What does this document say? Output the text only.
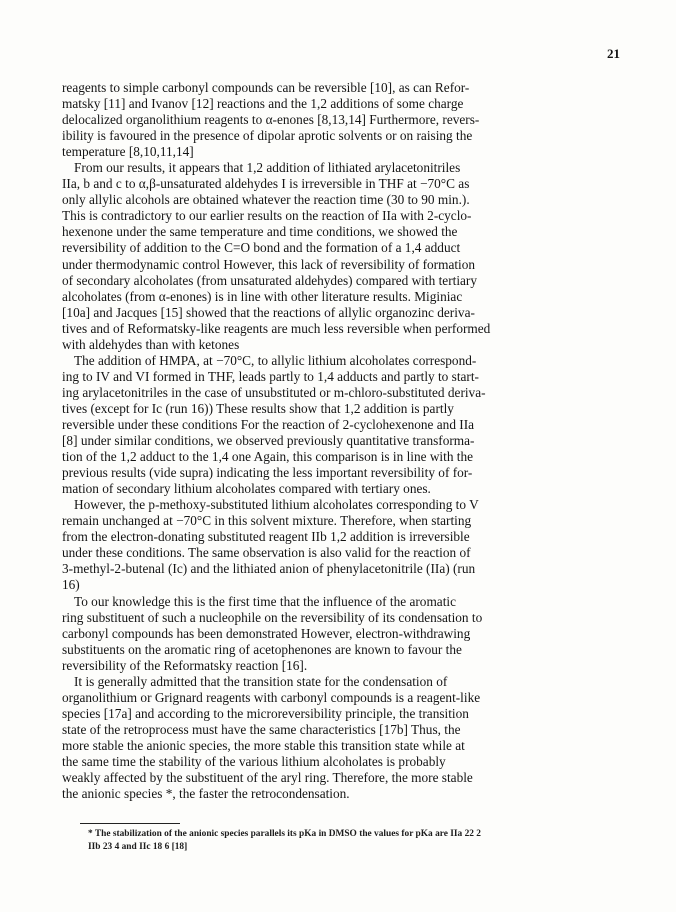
21

reagents to simple carbonyl compounds can be reversible [10], as can Refor-
matsky [11] and Ivanov [12] reactions and the 1,2 additions of some charge
delocalized organolithium reagents to α-enones [8,13,14] Furthermore, revers-
ibility is favoured in the presence of dipolar aprotic solvents or on raising the
temperature [8,10,11,14]

From our results, it appears that 1,2 addition of lithiated arylacetonitriles
IIa, b and c to α,β-unsaturated aldehydes I is irreversible in THF at −70°C as
only allylic alcohols are obtained whatever the reaction time (30 to 90 min.).
This is contradictory to our earlier results on the reaction of IIa with 2-cyclo-
hexenone under the same temperature and time conditions, we showed the
reversibility of addition to the C=O bond and the formation of a 1,4 adduct
under thermodynamic control However, this lack of reversibility of formation
of secondary alcoholates (from unsaturated aldehydes) compared with tertiary
alcoholates (from α-enones) is in line with other literature results. Miginiac
[10a] and Jacques [15] showed that the reactions of allylic organozinc deriva-
tives and of Reformatsky-like reagents are much less reversible when performed
with aldehydes than with ketones

The addition of HMPA, at −70°C, to allylic lithium alcoholates correspond-
ing to IV and VI formed in THF, leads partly to 1,4 adducts and partly to start-
ing arylacetonitriles in the case of unsubstituted or m-chloro-substituted deriva-
tives (except for Ic (run 16)) These results show that 1,2 addition is partly
reversible under these conditions For the reaction of 2-cyclohexenone and IIa
[8] under similar conditions, we observed previously quantitative transforma-
tion of the 1,2 adduct to the 1,4 one Again, this comparison is in line with the
previous results (vide supra) indicating the less important reversibility of for-
mation of secondary lithium alcoholates compared with tertiary ones.

However, the p-methoxy-substituted lithium alcoholates corresponding to V
remain unchanged at −70°C in this solvent mixture. Therefore, when starting
from the electron-donating substituted reagent IIb 1,2 addition is irreversible
under these conditions. The same observation is also valid for the reaction of
3-methyl-2-butenal (Ic) and the lithiated anion of phenylacetonitrile (IIa) (run
16)

To our knowledge this is the first time that the influence of the aromatic
ring substituent of such a nucleophile on the reversibility of its condensation to
carbonyl compounds has been demonstrated However, electron-withdrawing
substituents on the aromatic ring of acetophenones are known to favour the
reversibility of the Reformatsky reaction [16].

It is generally admitted that the transition state for the condensation of
organolithium or Grignard reagents with carbonyl compounds is a reagent-like
species [17a] and according to the microreversibility principle, the transition
state of the retroprocess must have the same characteristics [17b] Thus, the
more stable the anionic species, the more stable this transition state while at
the same time the stability of the various lithium alcoholates is probably
weakly affected by the substituent of the aryl ring. Therefore, the more stable
the anionic species *, the faster the retrocondensation.

* The stabilization of the anionic species parallels its pKa in DMSO the values for pKa are IIa 22 2
IIb 23 4 and IIc 18 6 [18]
